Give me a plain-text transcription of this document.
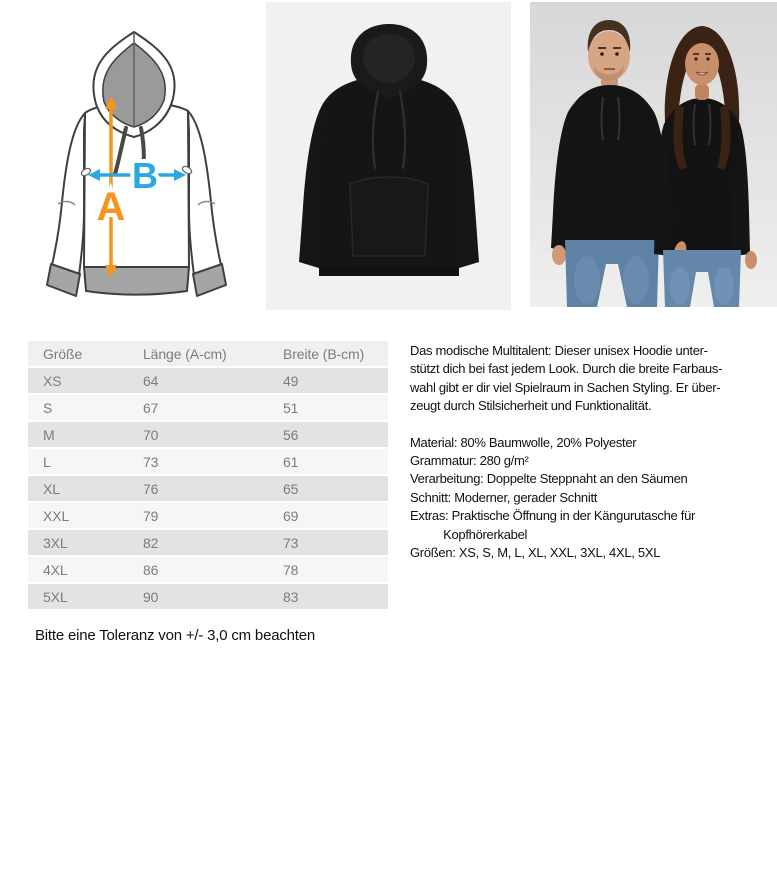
B
A
Größe	Länge (A-cm)	Breite (B-cm)
XS	64	49
S	67	51
M	70	56
L	73	61
XL	76	65
XXL	79	69
3XL	82	73
4XL	86	78
5XL	90	83
Das modische Multitalent: Dieser unisex Hoodie unter-
stützt dich bei fast jedem Look. Durch die breite Farbaus-
wahl gibt er dir viel Spielraum in Sachen Styling. Er über-
zeugt durch Stilsicherheit und Funktionalität.
Material: 80% Baumwolle, 20% Polyester
Grammatur: 280 g/m²
Verarbeitung: Doppelte Steppnaht an den Säumen
Schnitt: Moderner, gerader Schnitt
Extras: Praktische Öffnung in der Kängurutasche für
Kopfhörerkabel
Größen: XS, S, M, L, XL, XXL, 3XL, 4XL, 5XL
Bitte eine Toleranz von +/- 3,0 cm beachten
